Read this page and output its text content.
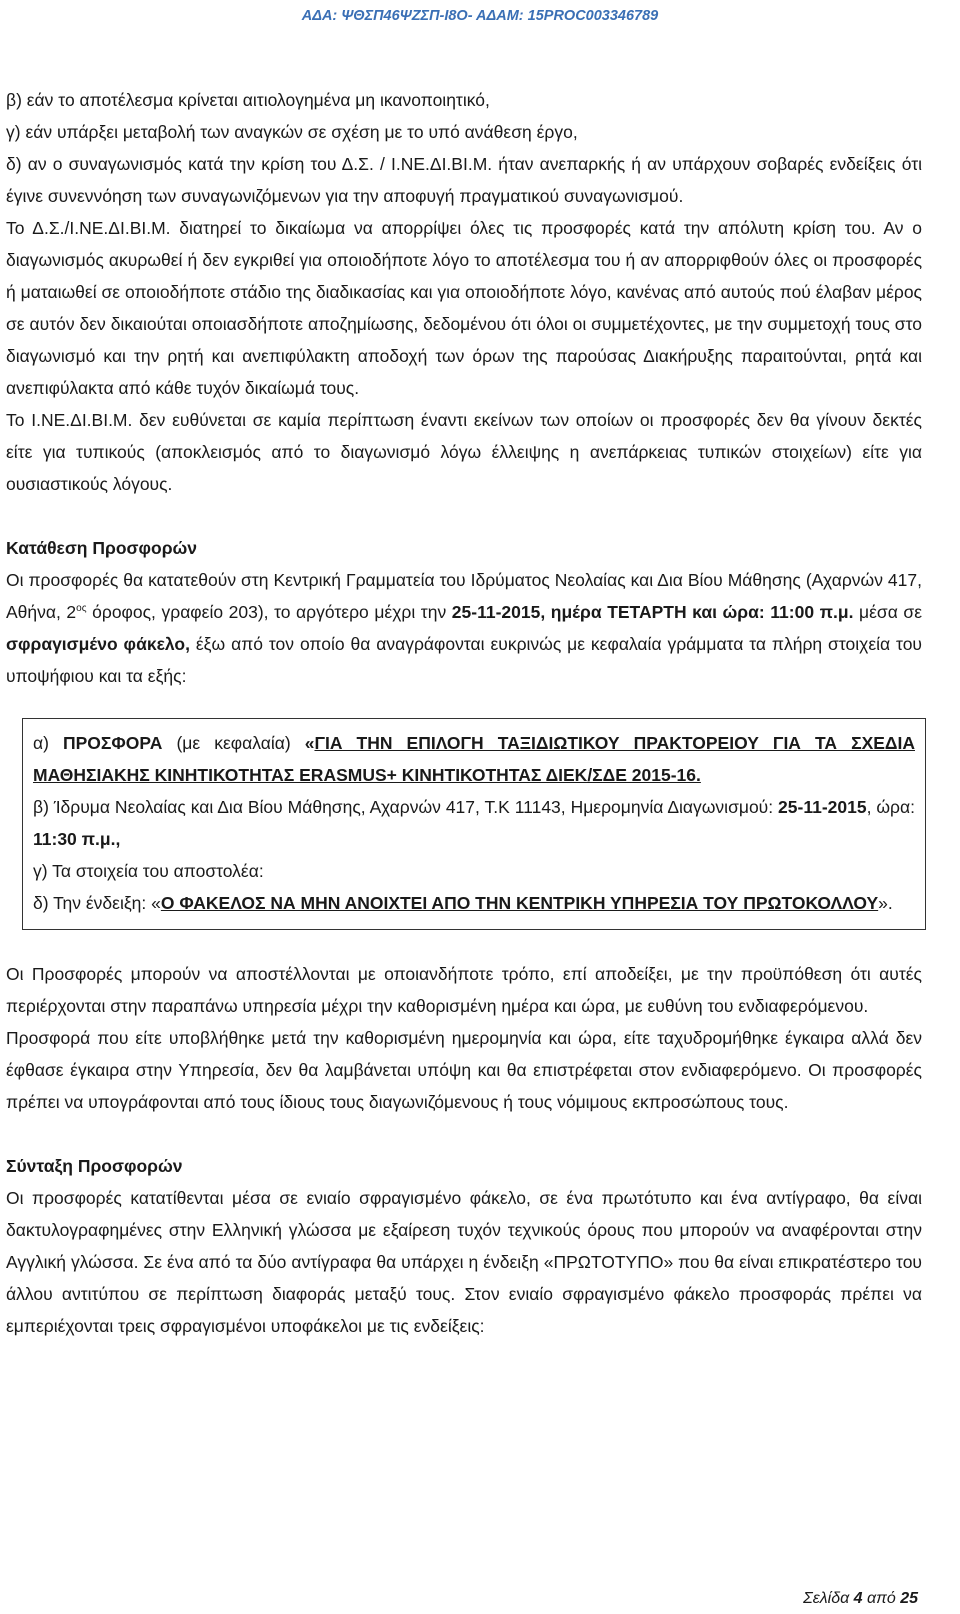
ΑΔΑ: ΨΘΣΠ46ΨΖΣΠ-Ι8Ο- ΑΔΑΜ: 15PROC003346789

β) εάν το αποτέλεσμα κρίνεται αιτιολογημένα μη ικανοποιητικό,

γ) εάν υπάρξει μεταβολή των αναγκών σε σχέση με το υπό ανάθεση έργο,

δ) αν ο συναγωνισμός κατά την κρίση του Δ.Σ. / Ι.ΝΕ.ΔΙ.ΒΙ.Μ. ήταν ανεπαρκής ή αν υπάρχουν σοβαρές ενδείξεις ότι έγινε συνεννόηση των συναγωνιζόμενων για την αποφυγή πραγματικού συναγωνισμού.

Το Δ.Σ./Ι.ΝΕ.ΔΙ.ΒΙ.Μ. διατηρεί το δικαίωμα να απορρίψει όλες τις προσφορές κατά την απόλυτη κρίση του. Αν ο διαγωνισμός ακυρωθεί ή δεν εγκριθεί για οποιοδήποτε λόγο το αποτέλεσμα του ή αν απορριφθούν όλες οι προσφορές ή ματαιωθεί σε οποιοδήποτε στάδιο της διαδικασίας και για οποιοδήποτε λόγο, κανένας από αυτούς πού έλαβαν μέρος σε αυτόν δεν δικαιούται οποιασδήποτε αποζημίωσης, δεδομένου ότι όλοι οι συμμετέχοντες, με την συμμετοχή τους στο διαγωνισμό και την ρητή και ανεπιφύλακτη αποδοχή των όρων της παρούσας Διακήρυξης παραιτούνται, ρητά και ανεπιφύλακτα από κάθε τυχόν δικαίωμά τους.

Το Ι.ΝΕ.ΔΙ.ΒΙ.Μ. δεν ευθύνεται σε καμία περίπτωση έναντι εκείνων των οποίων οι προσφορές δεν θα γίνουν δεκτές είτε για τυπικούς (αποκλεισμός από το διαγωνισμό λόγω έλλειψης η ανεπάρκειας τυπικών στοιχείων) είτε για ουσιαστικούς λόγους.

Κατάθεση Προσφορών

Οι προσφορές θα κατατεθούν στη Κεντρική Γραμματεία του Ιδρύματος Νεολαίας και Δια Βίου Μάθησης (Αχαρνών 417, Αθήνα, $2^{o\varsigma}$ όροφος, γραφείο 203), το αργότερο μέχρι την 25-11-2015, ημέρα ΤΕΤΑΡΤΗ και ώρα: 11:00 π.μ. μέσα σε σφραγισμένο φάκελο, έξω από τον οποίο θα αναγράφονται ευκρινώς με κεφαλαία γράμματα τα πλήρη στοιχεία του υποψήφιου και τα εξής:

α) ΠΡΟΣΦΟΡΑ (με κεφαλαία) «ΓΙΑ ΤΗΝ ΕΠΙΛΟΓΗ ΤΑΞΙΔΙΩΤΙΚΟΥ ΠΡΑΚΤΟΡΕΙΟΥ ΓΙΑ ΤΑ ΣΧΕΔΙΑ ΜΑΘΗΣΙΑΚΗΣ ΚΙΝΗΤΙΚΟΤΗΤΑΣ ERASMUS+ ΚΙΝΗΤΙΚΟΤΗΤΑΣ ΔΙΕΚ/ΣΔΕ 2015-16.

β) Ίδρυμα Νεολαίας και Δια Βίου Μάθησης, Αχαρνών 417, Τ.Κ 11143, Ημερομηνία Διαγωνισμού: 25-11-2015, ώρα: 11:30 π.μ.,

γ) Τα στοιχεία του αποστολέα:

δ) Την ένδειξη: «Ο ΦΑΚΕΛΟΣ ΝΑ ΜΗΝ ΑΝΟΙΧΤΕΙ ΑΠΟ ΤΗΝ ΚΕΝΤΡΙΚΗ ΥΠΗΡΕΣΙΑ ΤΟΥ ΠΡΩΤΟΚΟΛΛΟΥ».

Οι Προσφορές μπορούν να αποστέλλονται με οποιανδήποτε τρόπο, επί αποδείξει, με την προϋπόθεση ότι αυτές περιέρχονται στην παραπάνω υπηρεσία μέχρι την καθορισμένη ημέρα και ώρα, με ευθύνη του ενδιαφερόμενου.

Προσφορά που είτε υποβλήθηκε μετά την καθορισμένη ημερομηνία και ώρα, είτε ταχυδρομήθηκε έγκαιρα αλλά δεν έφθασε έγκαιρα στην Υπηρεσία, δεν θα λαμβάνεται υπόψη και θα επιστρέφεται στον ενδιαφερόμενο. Οι προσφορές πρέπει να υπογράφονται από τους ίδιους τους διαγωνιζόμενους ή τους νόμιμους εκπροσώπους τους.

Σύνταξη Προσφορών

Οι προσφορές κατατίθενται μέσα σε ενιαίο σφραγισμένο φάκελο, σε ένα πρωτότυπο και ένα αντίγραφο, θα είναι δακτυλογραφημένες στην Ελληνική γλώσσα με εξαίρεση τυχόν τεχνικούς όρους που μπορούν να αναφέρονται στην Αγγλική γλώσσα. Σε ένα από τα δύο αντίγραφα θα υπάρχει η ένδειξη «ΠΡΩΤΟΤΥΠΟ» που θα είναι επικρατέστερο του άλλου αντιτύπου σε περίπτωση διαφοράς μεταξύ τους. Στον ενιαίο σφραγισμένο φάκελο προσφοράς πρέπει να εμπεριέχονται τρεις σφραγισμένοι υποφάκελοι με τις ενδείξεις:

Σελίδα 4 από 25
